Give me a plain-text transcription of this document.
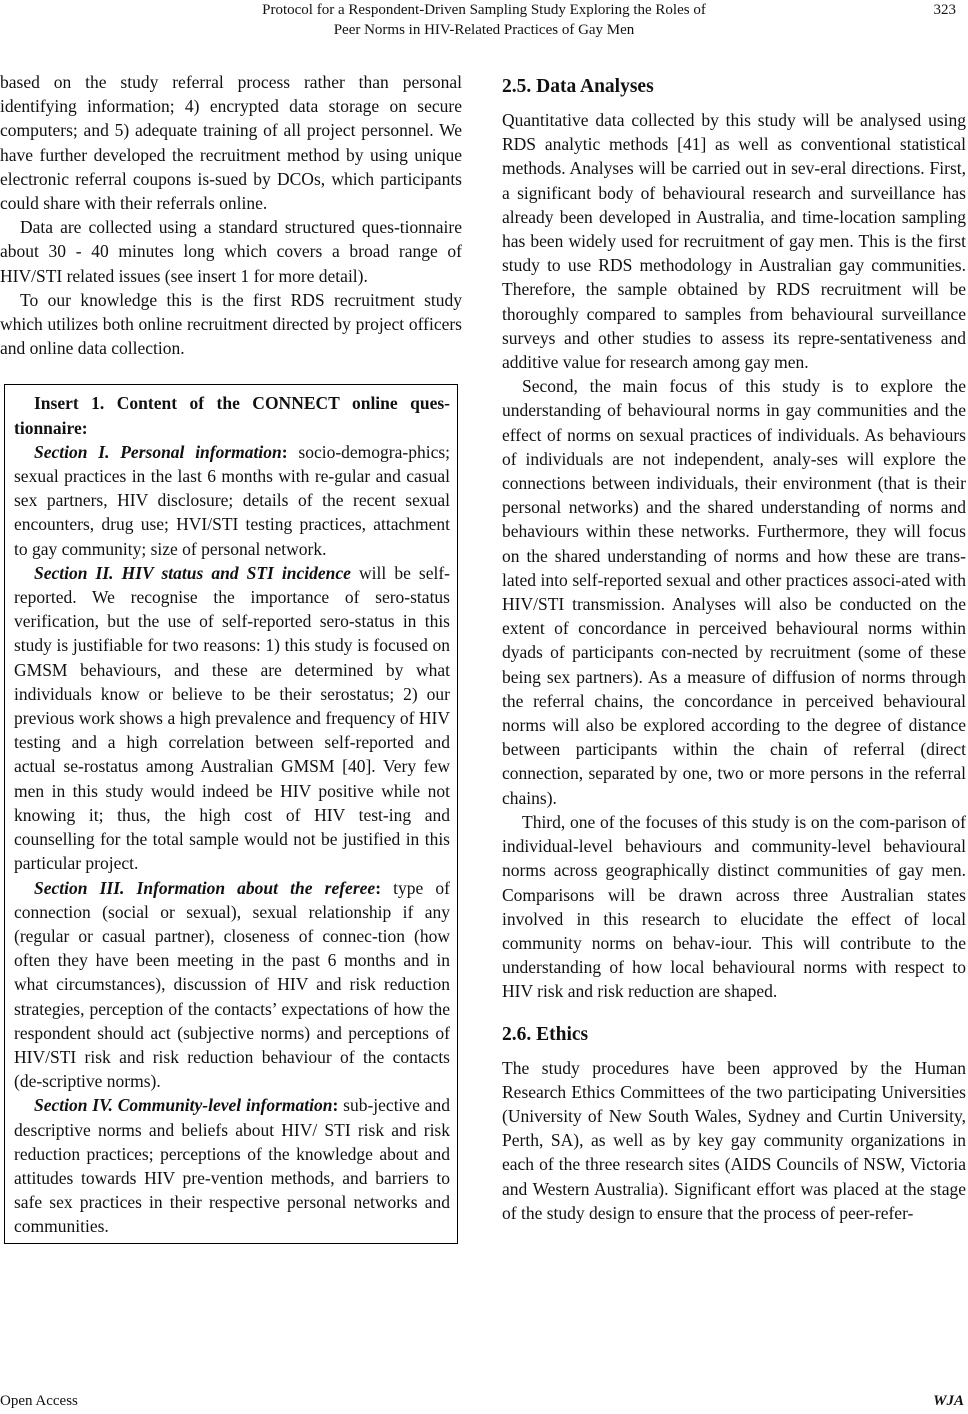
Protocol for a Respondent-Driven Sampling Study Exploring the Roles of
Peer Norms in HIV-Related Practices of Gay Men
323

based on the study referral process rather than personal identifying information; 4) encrypted data storage on secure computers; and 5) adequate training of all project personnel. We have further developed the recruitment method by using unique electronic referral coupons is-sued by DCOs, which participants could share with their referrals online.

Data are collected using a standard structured ques-tionnaire about 30 - 40 minutes long which covers a broad range of HIV/STI related issues (see insert 1 for more detail).

To our knowledge this is the first RDS recruitment study which utilizes both online recruitment directed by project officers and online data collection.

Insert 1. Content of the CONNECT online ques-tionnaire:

Section I. Personal information: socio-demogra-phics; sexual practices in the last 6 months with re-gular and casual sex partners, HIV disclosure; details of the recent sexual encounters, drug use; HVI/STI testing practices, attachment to gay community; size of personal network.

Section II. HIV status and STI incidence will be self-reported. We recognise the importance of sero-status verification, but the use of self-reported sero-status in this study is justifiable for two reasons: 1) this study is focused on GMSM behaviours, and these are determined by what individuals know or believe to be their serostatus; 2) our previous work shows a high prevalence and frequency of HIV testing and a high correlation between self-reported and actual se-rostatus among Australian GMSM [40]. Very few men in this study would indeed be HIV positive while not knowing it; thus, the high cost of HIV test-ing and counselling for the total sample would not be justified in this particular project.

Section III. Information about the referee: type of connection (social or sexual), sexual relationship if any (regular or casual partner), closeness of connec-tion (how often they have been meeting in the past 6 months and in what circumstances), discussion of HIV and risk reduction strategies, perception of the contacts’ expectations of how the respondent should act (subjective norms) and perceptions of HIV/STI risk and risk reduction behaviour of the contacts (de-scriptive norms).

Section IV. Community-level information: sub-jective and descriptive norms and beliefs about HIV/ STI risk and risk reduction practices; perceptions of the knowledge about and attitudes towards HIV pre-vention methods, and barriers to safe sex practices in their respective personal networks and communities.

2.5. Data Analyses

Quantitative data collected by this study will be analysed using RDS analytic methods [41] as well as conventional statistical methods. Analyses will be carried out in sev-eral directions. First, a significant body of behavioural research and surveillance has already been developed in Australia, and time-location sampling has been widely used for recruitment of gay men. This is the first study to use RDS methodology in Australian gay communities. Therefore, the sample obtained by RDS recruitment will be thoroughly compared to samples from behavioural surveillance surveys and other studies to assess its repre-sentativeness and additive value for research among gay men.

Second, the main focus of this study is to explore the understanding of behavioural norms in gay communities and the effect of norms on sexual practices of individuals. As behaviours of individuals are not independent, analy-ses will explore the connections between individuals, their environment (that is their personal networks) and the shared understanding of norms and behaviours within these networks. Furthermore, they will focus on the shared understanding of norms and how these are trans-lated into self-reported sexual and other practices associ-ated with HIV/STI transmission. Analyses will also be conducted on the extent of concordance in perceived behavioural norms within dyads of participants con-nected by recruitment (some of these being sex partners). As a measure of diffusion of norms through the referral chains, the concordance in perceived behavioural norms will also be explored according to the degree of distance between participants within the chain of referral (direct connection, separated by one, two or more persons in the referral chains).

Third, one of the focuses of this study is on the com-parison of individual-level behaviours and community-level behavioural norms across geographically distinct communities of gay men. Comparisons will be drawn across three Australian states involved in this research to elucidate the effect of local community norms on behav-iour. This will contribute to the understanding of how local behavioural norms with respect to HIV risk and risk reduction are shaped.

2.6. Ethics

The study procedures have been approved by the Human Research Ethics Committees of the two participating Universities (University of New South Wales, Sydney and Curtin University, Perth, SA), as well as by key gay community organizations in each of the three research sites (AIDS Councils of NSW, Victoria and Western Australia). Significant effort was placed at the stage of the study design to ensure that the process of peer-refer-

Open Access	WJA
